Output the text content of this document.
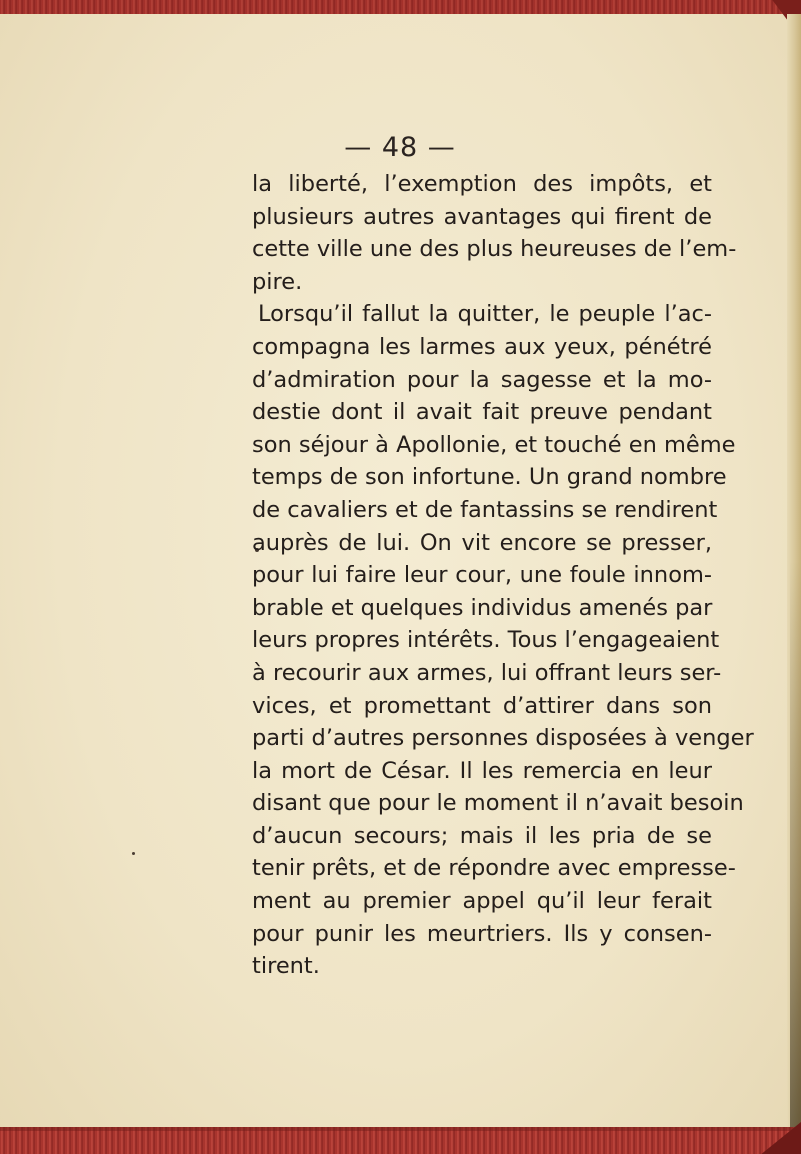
— 48 —
la liberté, l’exemption des impôts, et
plusieurs autres avantages qui firent de
cette ville une des plus heureuses de l’em-
pire.
Lorsqu’il fallut la quitter, le peuple l’ac-
compagna les larmes aux yeux, pénétré
d’admiration pour la sagesse et la mo-
destie dont il avait fait preuve pendant
son séjour à Apollonie, et touché en même
temps de son infortune. Un grand nombre
de cavaliers et de fantassins se rendirent
auprès de lui. On vit encore se presser,
pour lui faire leur cour, une foule innom-
brable et quelques individus amenés par
leurs propres intérêts. Tous l’engageaient
à recourir aux armes, lui offrant leurs ser-
vices, et promettant d’attirer dans son
parti d’autres personnes disposées à venger
la mort de César. Il les remercia en leur
disant que pour le moment il n’avait besoin
d’aucun secours; mais il les pria de se
tenir prêts, et de répondre avec empresse-
ment au premier appel qu’il leur ferait
pour punir les meurtriers. Ils y consen-
tirent.
